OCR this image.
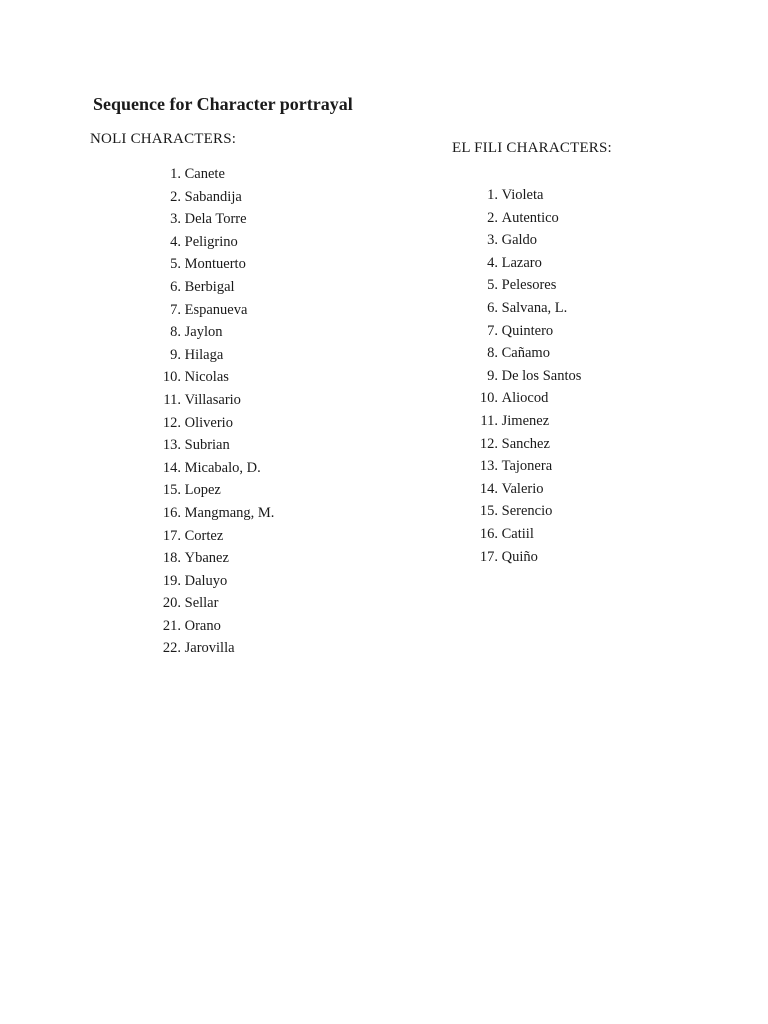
Sequence for Character portrayal
NOLI CHARACTERS:
1. Canete
2. Sabandija
3. Dela Torre
4. Peligrino
5. Montuerto
6. Berbigal
7. Espanueva
8. Jaylon
9. Hilaga
10. Nicolas
11. Villasario
12. Oliverio
13. Subrian
14. Micabalo, D.
15. Lopez
16. Mangmang, M.
17. Cortez
18. Ybanez
19. Daluyo
20. Sellar
21. Orano
22. Jarovilla
EL FILI CHARACTERS:
1. Violeta
2. Autentico
3. Galdo
4. Lazaro
5. Pelesores
6. Salvana, L.
7. Quintero
8. Cañamo
9. De los Santos
10. Aliocod
11. Jimenez
12. Sanchez
13. Tajonera
14. Valerio
15. Serencio
16. Catiil
17. Quiño
